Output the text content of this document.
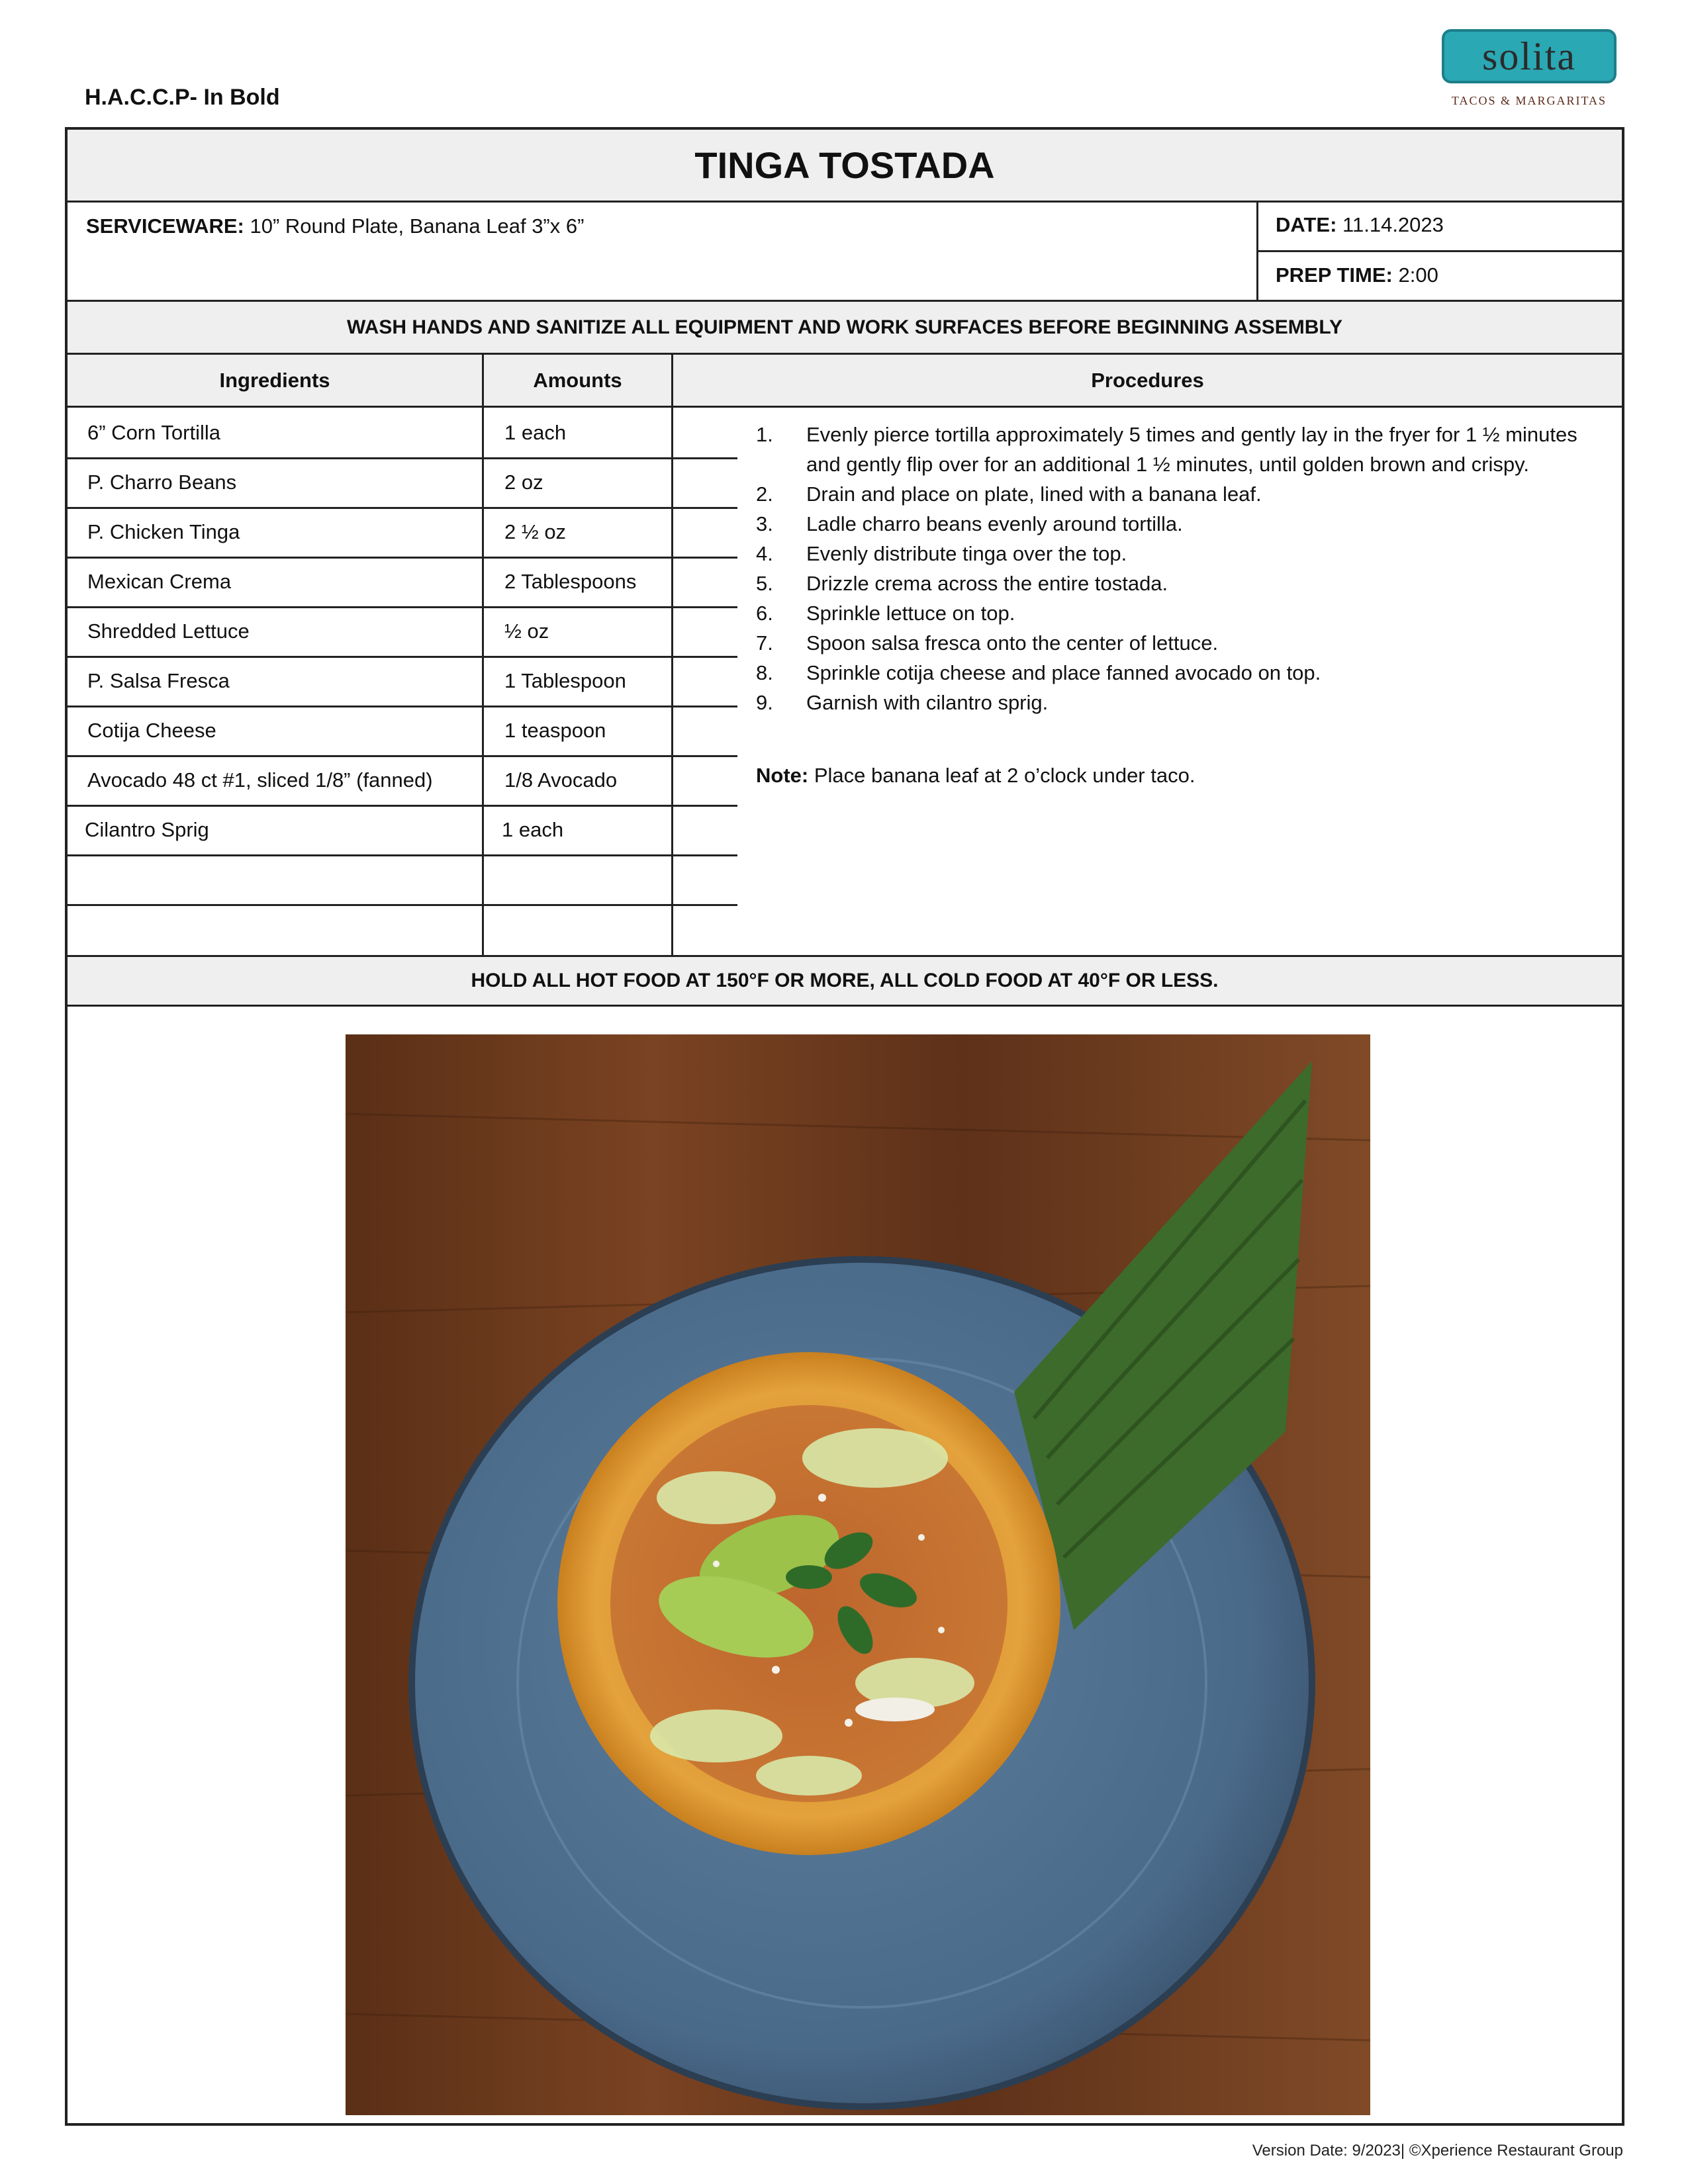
H.A.C.C.P- In Bold
solita
TACOS & MARGARITAS
TINGA TOSTADA
SERVICEWARE: 10” Round Plate, Banana Leaf 3”x 6”	DATE: 11.14.2023
PREP TIME: 2:00
WASH HANDS AND SANITIZE ALL EQUIPMENT AND WORK SURFACES BEFORE BEGINNING ASSEMBLY
Ingredients	Amounts	Procedures
6” Corn Tortilla	1 each
P. Charro Beans	2 oz
P. Chicken Tinga	2 ½ oz
Mexican Crema	2 Tablespoons
Shredded Lettuce	½ oz
P. Salsa Fresca	1 Tablespoon
Cotija Cheese	1 teaspoon
Avocado 48 ct #1, sliced 1/8” (fanned)	1/8 Avocado
Cilantro Sprig	1 each
1. Evenly pierce tortilla approximately 5 times and gently lay in the fryer for 1 ½ minutes and gently flip over for an additional 1 ½ minutes, until golden brown and crispy.
2. Drain and place on plate, lined with a banana leaf.
3. Ladle charro beans evenly around tortilla.
4. Evenly distribute tinga over the top.
5. Drizzle crema across the entire tostada.
6. Sprinkle lettuce on top.
7. Spoon salsa fresca onto the center of lettuce.
8. Sprinkle cotija cheese and place fanned avocado on top.
9. Garnish with cilantro sprig.
Note: Place banana leaf at 2 o’clock under taco.
HOLD ALL HOT FOOD AT 150°F OR MORE, ALL COLD FOOD AT 40°F OR LESS.
Version Date: 9/2023| ©Xperience Restaurant Group
